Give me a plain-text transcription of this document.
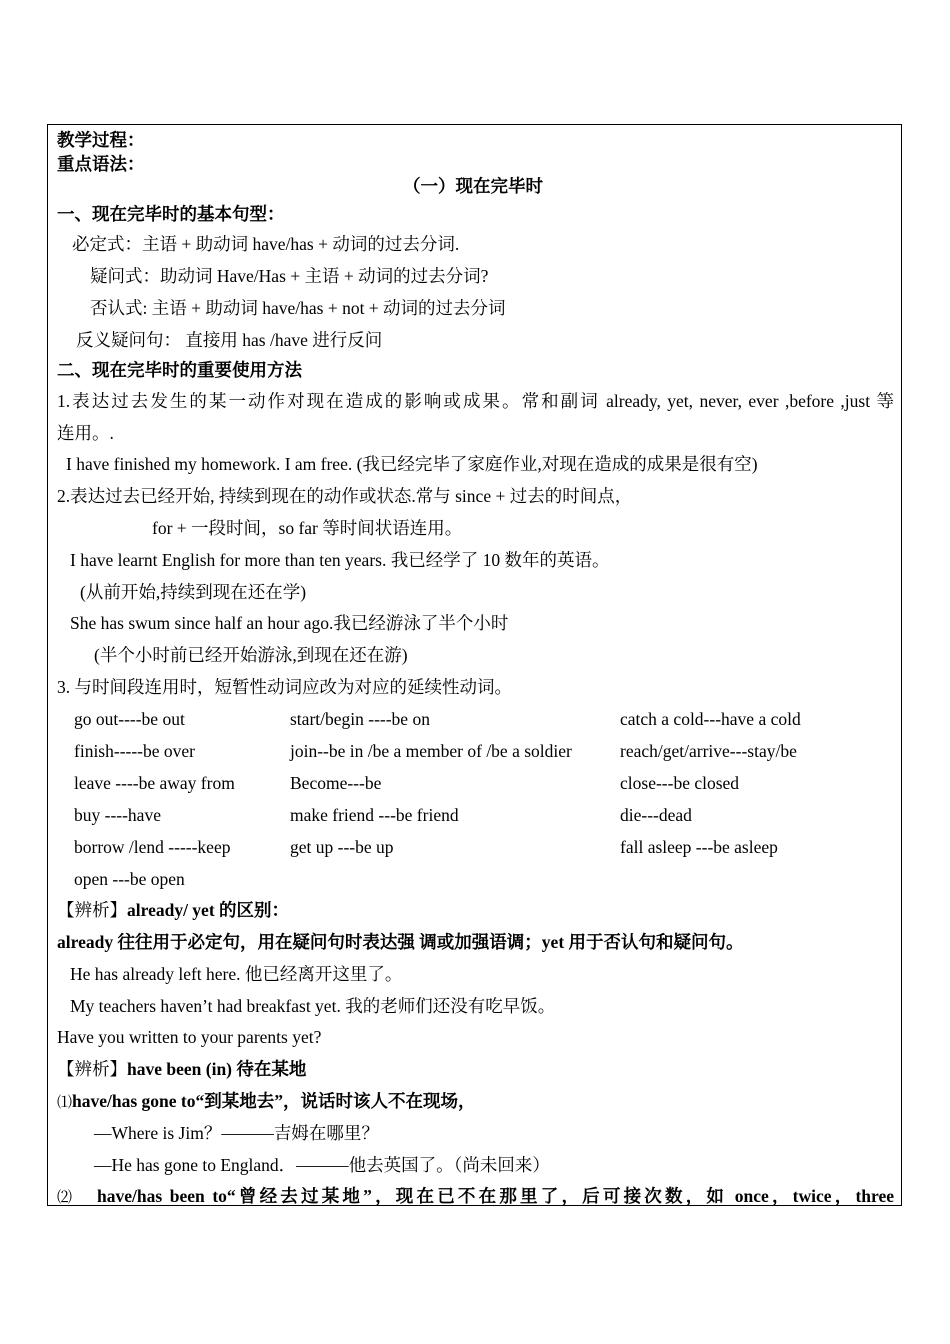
教学过程：
重点语法：
（一）现在完毕时
一、现在完毕时的基本句型：
必定式：主语 + 助动词 have/has + 动词的过去分词.
疑问式：助动词 Have/Has + 主语 + 动词的过去分词?
否认式: 主语 + 助动词 have/has + not + 动词的过去分词
反义疑问句： 直接用 has /have 进行反问
二、现在完毕时的重要使用方法
1.表达过去发生的某一动作对现在造成的影响或成果。常和副词 already, yet, never, ever ,before ,just 等
连用。.
I have finished my homework. I am free. (我已经完毕了家庭作业,对现在造成的成果是很有空)
2.表达过去已经开始, 持续到现在的动作或状态.常与 since + 过去的时间点，
for + 一段时间，so far 等时间状语连用。
I have learnt English for more than ten years. 我已经学了 10 数年的英语。
(从前开始,持续到现在还在学)
She has swum since half an hour ago.我已经游泳了半个小时
(半个小时前已经开始游泳,到现在还在游)
3. 与时间段连用时，短暂性动词应改为对应的延续性动词。
go out----be out	start/begin ----be on	catch a cold---have a cold
finish-----be over	join--be in /be a member of /be a soldier	reach/get/arrive---stay/be
leave ----be away from	Become---be	close---be closed
buy ----have	make friend ---be friend	die---dead
borrow /lend -----keep	get up ---be up	fall asleep ---be asleep
open ---be open
【辨析】already/ yet 的区别：
already 往往用于必定句，用在疑问句时表达强 调或加强语调；yet 用于否认句和疑问句。
He has already left here. 他已经离开这里了。
My teachers haven’t had breakfast yet. 我的老师们还没有吃早饭。
Have you written to your parents yet?
【辨析】have been (in) 待在某地
⑴have/has gone to“到某地去”，说话时该人不在现场，
—Where is Jim？———吉姆在哪里？
—He has gone to England．———他去英国了。（尚未回来）
⑵ have/has been to“曾经去过某地”，现在已不在那里了，后可接次数，如 once，twice，three
